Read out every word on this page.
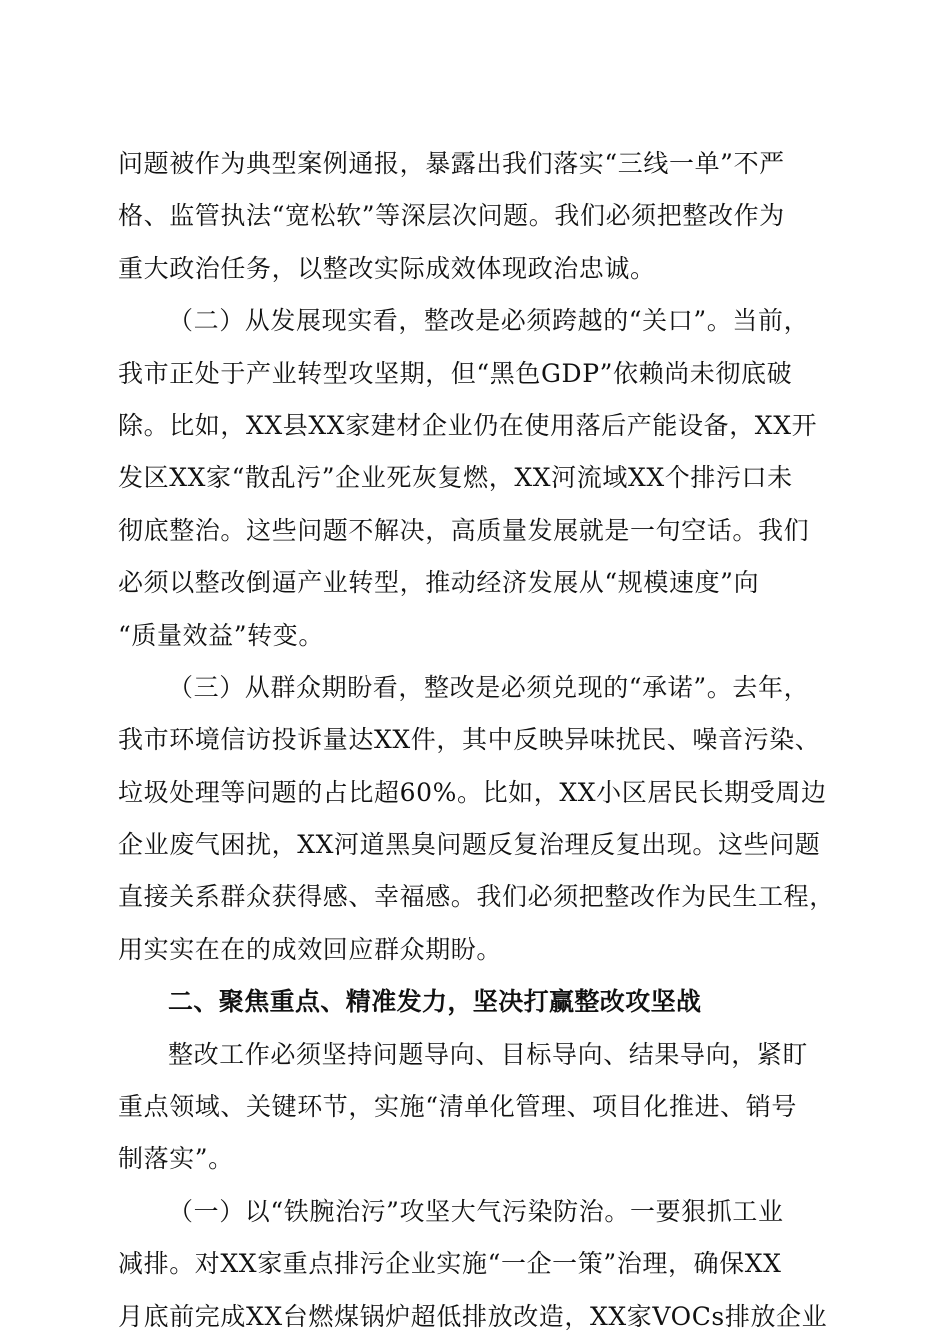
问题被作为典型案例通报，暴露出我们落实“三线一单”不严
格、监管执法“宽松软”等深层次问题。我们必须把整改作为
重大政治任务，以整改实际成效体现政治忠诚。
（二）从发展现实看，整改是必须跨越的“关口”。当前，
我市正处于产业转型攻坚期，但“黑色GDP”依赖尚未彻底破
除。比如，XX县XX家建材企业仍在使用落后产能设备，XX开
发区XX家“散乱污”企业死灰复燃，XX河流域XX个排污口未
彻底整治。这些问题不解决，高质量发展就是一句空话。我们
必须以整改倒逼产业转型，推动经济发展从“规模速度”向
“质量效益”转变。
（三）从群众期盼看，整改是必须兑现的“承诺”。去年，
我市环境信访投诉量达XX件，其中反映异味扰民、噪音污染、
垃圾处理等问题的占比超60%。比如，XX小区居民长期受周边
企业废气困扰，XX河道黑臭问题反复治理反复出现。这些问题
直接关系群众获得感、幸福感。我们必须把整改作为民生工程，
用实实在在的成效回应群众期盼。
二、聚焦重点、精准发力，坚决打赢整改攻坚战
整改工作必须坚持问题导向、目标导向、结果导向，紧盯
重点领域、关键环节，实施“清单化管理、项目化推进、销号
制落实”。
（一）以“铁腕治污”攻坚大气污染防治。一要狠抓工业
减排。对XX家重点排污企业实施“一企一策”治理，确保XX
月底前完成XX台燃煤锅炉超低排放改造，XX家VOCs排放企业
